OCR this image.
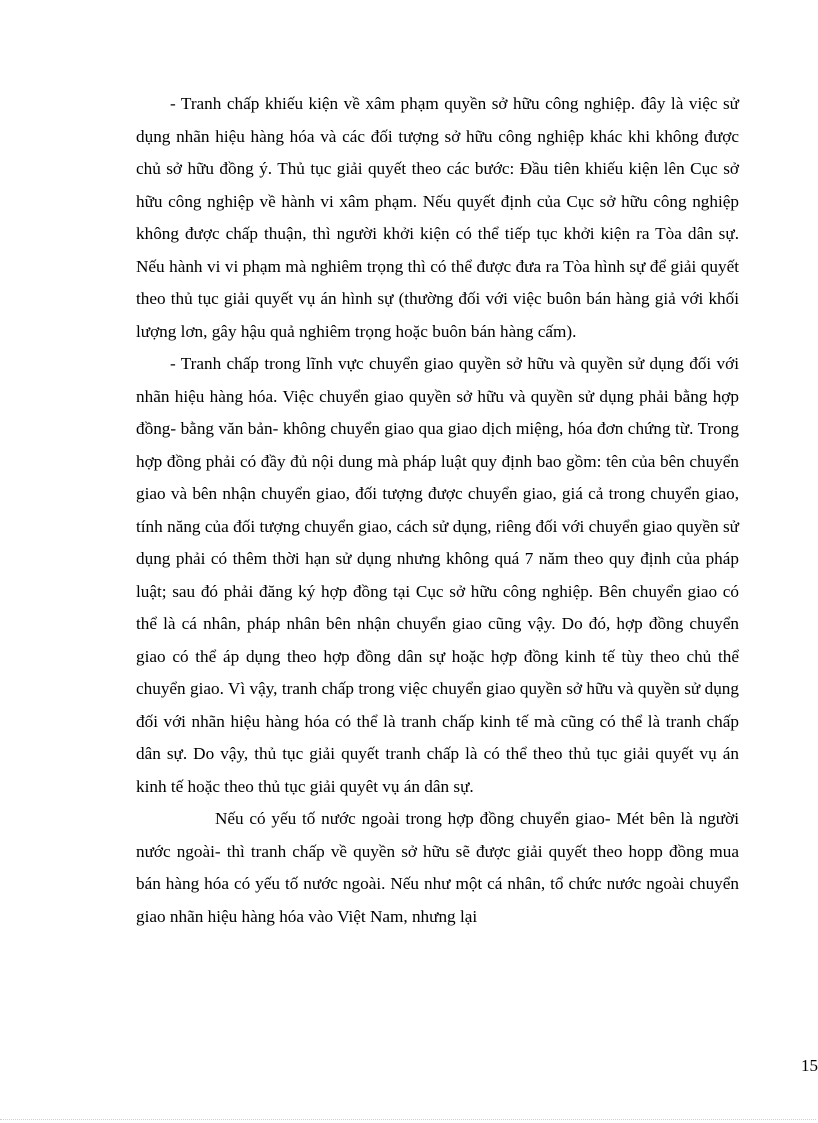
- Tranh chấp khiếu kiện về xâm phạm quyền sở hữu công nghiệp. đây là việc sử dụng nhãn hiệu hàng hóa và các đối tượng sở hữu công nghiệp khác khi không được chủ sở hữu đồng ý. Thủ tục giải quyết theo các bước: Đầu tiên khiếu kiện lên Cục sở hữu công nghiệp về hành vi xâm phạm. Nếu quyết định của Cục sở hữu công nghiệp không được chấp thuận, thì người khởi kiện có thể tiếp tục khởi kiện ra Tòa dân sự. Nếu hành vi vi phạm mà nghiêm trọng thì có thể được đưa ra Tòa hình sự để giải quyết theo thủ tục giải quyết vụ án hình sự (thường đối với việc buôn bán hàng giả với khối lượng lơn, gây hậu quả nghiêm trọng hoặc buôn bán hàng cấm).

- Tranh chấp trong lĩnh vực chuyển giao quyền sở hữu và quyền sử dụng đối với nhãn hiệu hàng hóa. Việc chuyển giao quyền sở hữu và quyền sử dụng phải bằng hợp đồng- bằng văn bản- không chuyển giao qua giao dịch miệng, hóa đơn chứng từ. Trong hợp đồng phải có đầy đủ nội dung mà pháp luật quy định bao gồm: tên của bên chuyển giao và bên nhận chuyển giao, đối tượng được chuyển giao, giá cả trong chuyển giao, tính năng của đối tượng chuyển giao, cách sử dụng, riêng đối với chuyển giao quyền sử dụng phải có thêm thời hạn sử dụng nhưng không quá 7 năm theo quy định của pháp luật; sau đó phải đăng ký hợp đồng tại Cục sở hữu công nghiệp. Bên chuyển giao có thể là cá nhân, pháp nhân bên nhận chuyển giao cũng vậy. Do đó, hợp đồng chuyển giao có thể áp dụng theo hợp đồng dân sự hoặc hợp đồng kinh tế tùy theo chủ thể chuyển giao. Vì vậy, tranh chấp trong việc chuyển giao quyền sở hữu và quyền sử dụng đối với nhãn hiệu hàng hóa có thể là tranh chấp kinh tế mà cũng có thể là tranh chấp dân sự. Do vậy, thủ tục giải quyết tranh chấp là có thể theo thủ tục giải quyết vụ án kinh tế hoặc theo thủ tục giải quyêt vụ án dân sự.

Nếu có yếu tố nước ngoài trong hợp đồng chuyển giao- Mét bên là người nước ngoài- thì tranh chấp về quyền sở hữu sẽ được giải quyết theo hopp đồng mua bán hàng hóa có yếu tố nước ngoài. Nếu như một cá nhân, tổ chức nước ngoài chuyển giao nhãn hiệu hàng hóa vào Việt Nam, nhưng lại

15
